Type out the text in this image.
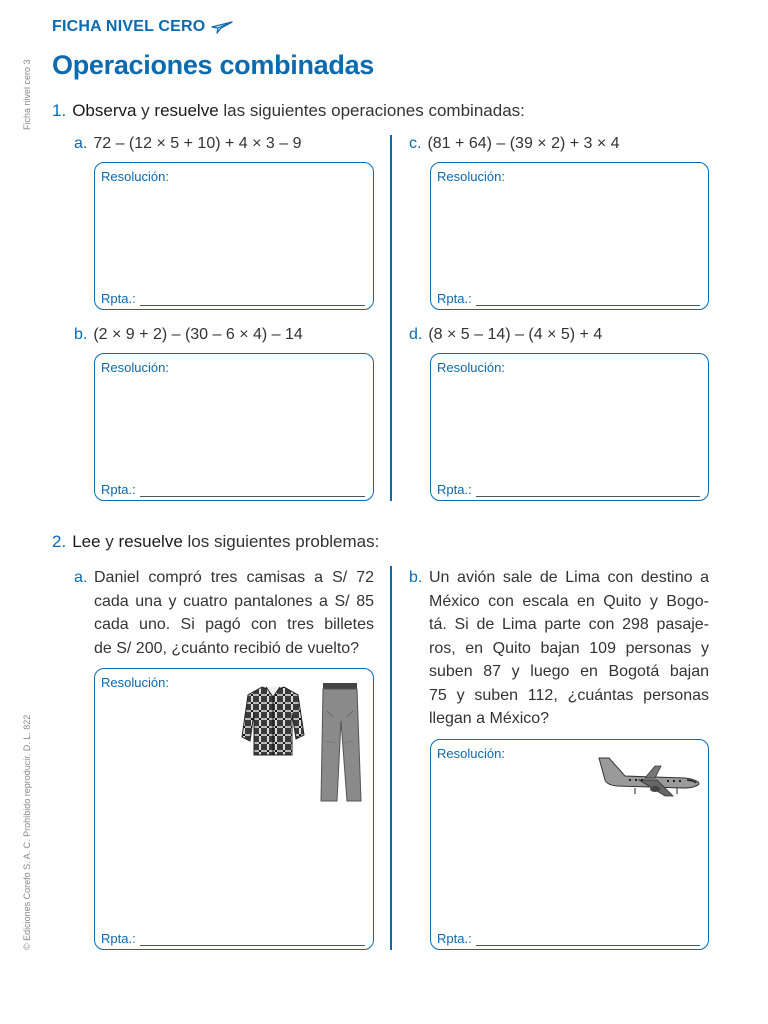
FICHA NIVEL CERO
Operaciones combinadas
Ficha nivel cero 3
© Ediciones Corefo S. A. C. Prohibido reproducir. D. L. 822
1. Observa y resuelve las siguientes operaciones combinadas:
a. 72 – (12 × 5 + 10) + 4 × 3 – 9
Resolución:
Rpta.:
c. (81 + 64) – (39 × 2) + 3 × 4
Resolución:
Rpta.:
b. (2 × 9 + 2) – (30 – 6 × 4) – 14
Resolución:
Rpta.:
d. (8 × 5 – 14) – (4 × 5) + 4
Resolución:
Rpta.:
2. Lee y resuelve los siguientes problemas:
a. Daniel compró tres camisas a S/ 72
cada una y cuatro pantalones a S/ 85
cada uno. Si pagó con tres billetes
de S/ 200, ¿cuánto recibió de vuelto?
Resolución:
Rpta.:
b. Un avión sale de Lima con destino a
México con escala en Quito y Bogo-
tá. Si de Lima parte con 298 pasaje-
ros, en Quito bajan 109 personas y
suben 87 y luego en Bogotá bajan
75 y suben 112, ¿cuántas personas
llegan a México?
Resolución:
Rpta.:
